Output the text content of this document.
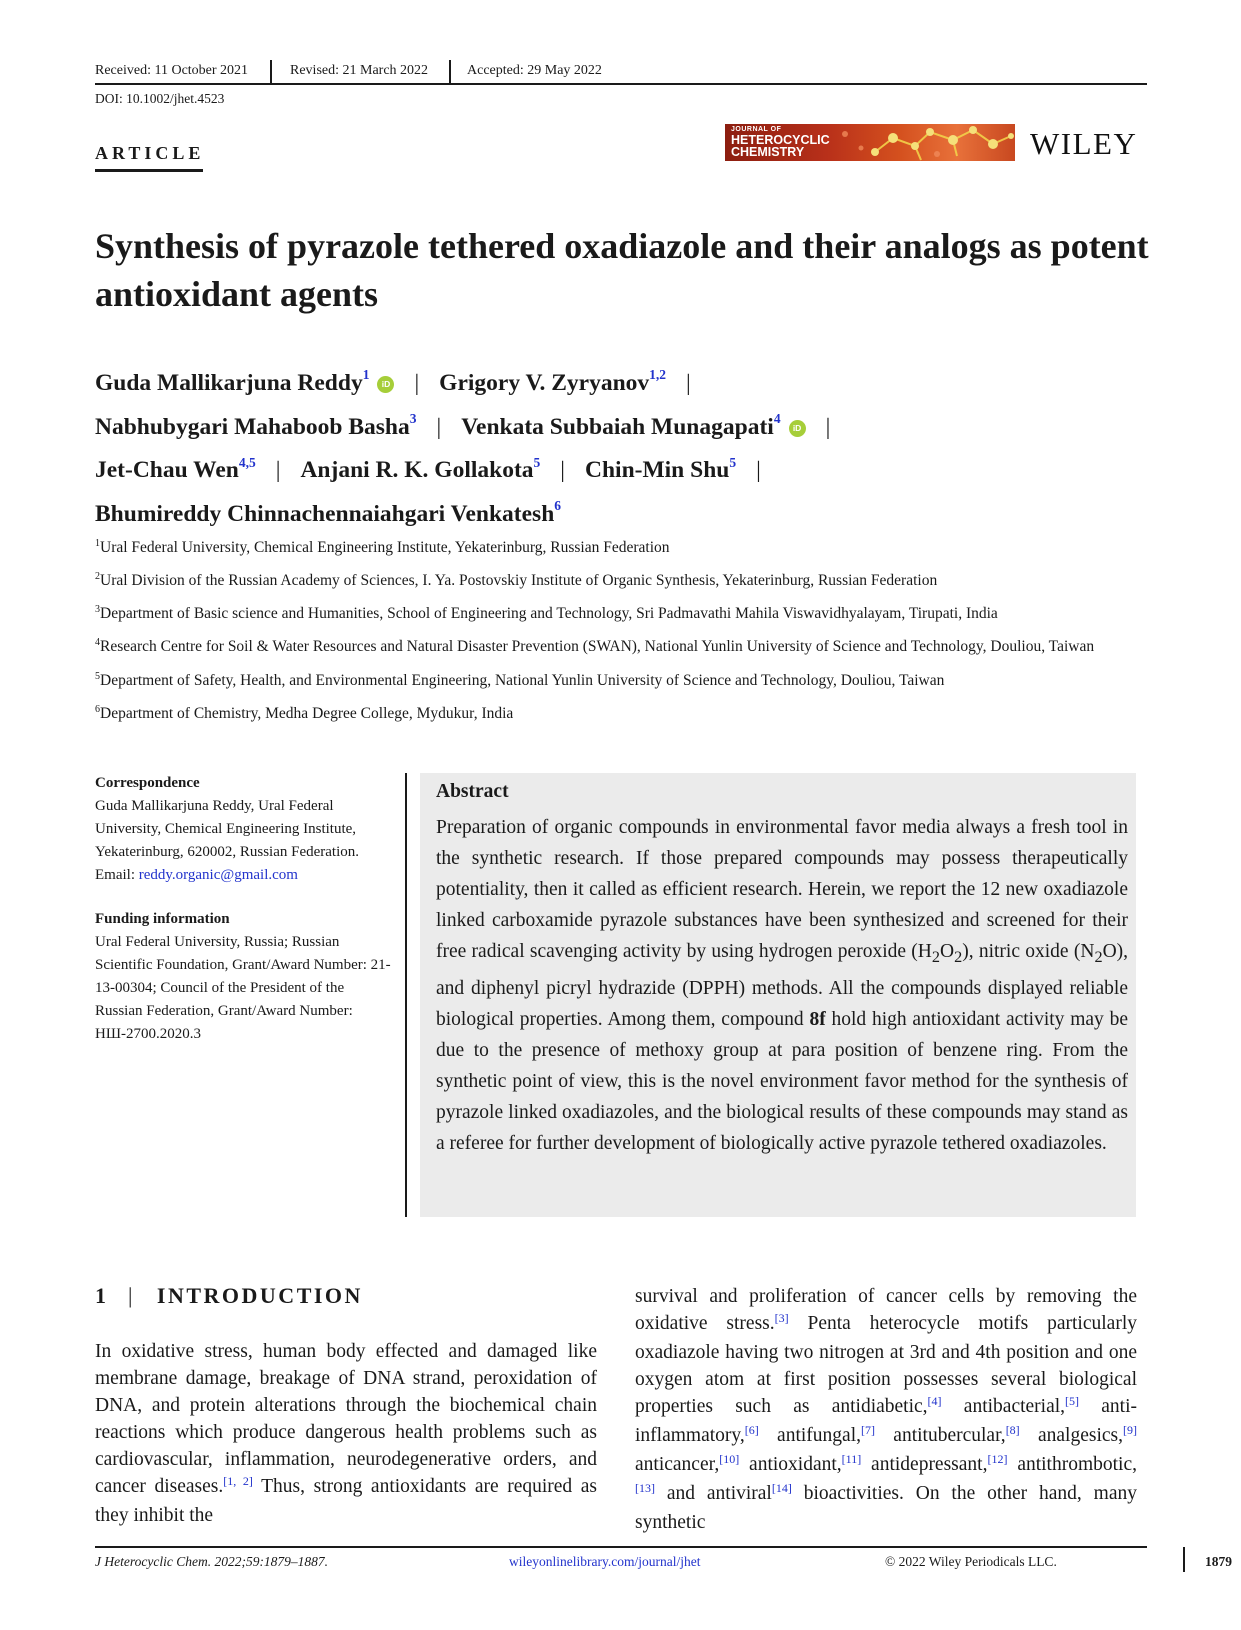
Received: 11 October 2021	Revised: 21 March 2022	Accepted: 29 May 2022
DOI: 10.1002/jhet.4523
ARTICLE
JOURNAL OF
HETEROCYCLIC
CHEMISTRY	WILEY
Synthesis of pyrazole tethered oxadiazole and their analogs as potent antioxidant agents
Guda Mallikarjuna Reddy$^1$iD | Grigory V. Zyryanov$^{1,2}$ |
Nabhubygari Mahaboob Basha$^3$ | Venkata Subbaiah Munagapati$^4$iD |
Jet-Chau Wen$^{4,5}$ | Anjani R. K. Gollakota$^5$ | Chin-Min Shu$^5$ |
Bhumireddy Chinnachennaiahgari Venkatesh$^6$
$^1$Ural Federal University, Chemical Engineering Institute, Yekaterinburg, Russian Federation
$^2$Ural Division of the Russian Academy of Sciences, I. Ya. Postovskiy Institute of Organic Synthesis, Yekaterinburg, Russian Federation
$^3$Department of Basic science and Humanities, School of Engineering and Technology, Sri Padmavathi Mahila Viswavidhyalayam, Tirupati, India
$^4$Research Centre for Soil & Water Resources and Natural Disaster Prevention (SWAN), National Yunlin University of Science and Technology, Douliou, Taiwan
$^5$Department of Safety, Health, and Environmental Engineering, National Yunlin University of Science and Technology, Douliou, Taiwan
$^6$Department of Chemistry, Medha Degree College, Mydukur, India
Correspondence
Guda Mallikarjuna Reddy, Ural Federal University, Chemical Engineering Institute, Yekaterinburg, 620002, Russian Federation.
Email: reddy.organic@gmail.com
Funding information
Ural Federal University, Russia; Russian Scientific Foundation, Grant/Award Number: 21-13-00304; Council of the President of the Russian Federation, Grant/Award Number: НШ-2700.2020.3
Abstract
Preparation of organic compounds in environmental favor media always a fresh tool in the synthetic research. If those prepared compounds may possess therapeutically potentiality, then it called as efficient research. Herein, we report the 12 new oxadiazole linked carboxamide pyrazole substances have been synthesized and screened for their free radical scavenging activity by using hydrogen peroxide $(H_2O_2)$, nitric oxide $(N_2O)$, and diphenyl picryl hydrazide (DPPH) methods. All the compounds displayed reliable biological properties. Among them, compound 8f hold high antioxidant activity may be due to the presence of methoxy group at para position of benzene ring. From the synthetic point of view, this is the novel environment favor method for the synthesis of pyrazole linked oxadiazoles, and the biological results of these compounds may stand as a referee for further development of biologically active pyrazole tethered oxadiazoles.
1 | INTRODUCTION
In oxidative stress, human body effected and damaged like membrane damage, breakage of DNA strand, peroxidation of DNA, and protein alterations through the biochemical chain reactions which produce dangerous health problems such as cardiovascular, inflammation, neurodegenerative orders, and cancer diseases.[1, 2] Thus, strong antioxidants are required as they inhibit the
survival and proliferation of cancer cells by removing the oxidative stress.[3] Penta heterocycle motifs particularly oxadiazole having two nitrogen at 3rd and 4th position and one oxygen atom at first position possesses several biological properties such as antidiabetic,[4] antibacterial,[5] anti-inflammatory,[6] antifungal,[7] antitubercular,[8] analgesics,[9] anticancer,[10] antioxidant,[11] antidepressant,[12] antithrombotic,[13] and antiviral[14] bioactivities. On the other hand, many synthetic
J Heterocyclic Chem. 2022;59:1879–1887.	wileyonlinelibrary.com/journal/jhet	© 2022 Wiley Periodicals LLC.	1879
